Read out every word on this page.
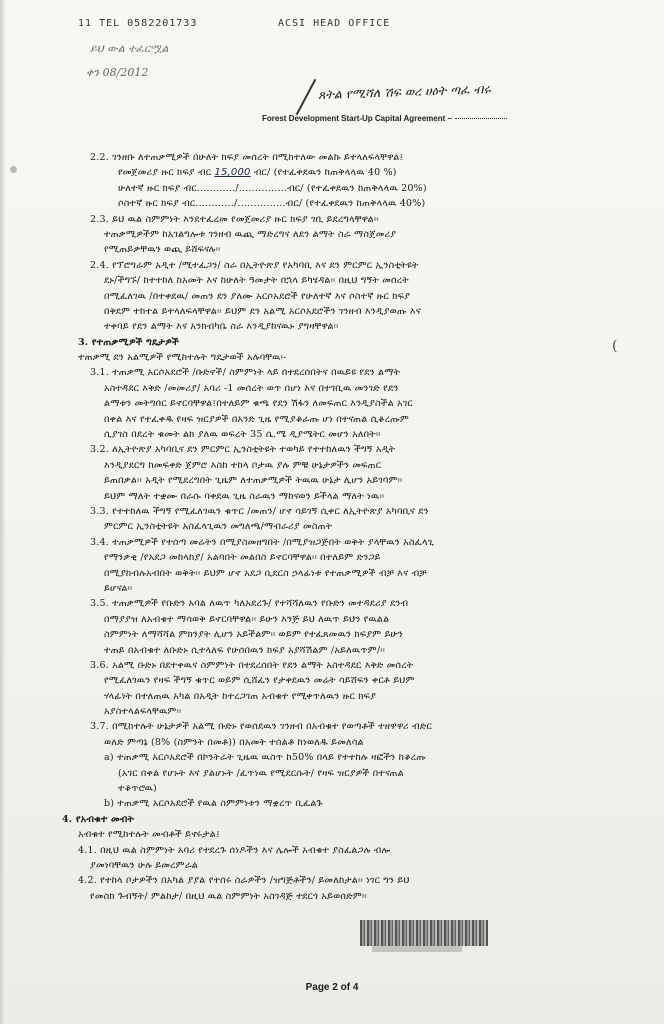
11 TEL 0582201733	ACSI HEAD OFFICE
ይህ ውል ተፈርሟል
ቀን 08/2012
ጸትል የሚሻለ ሽፍ ወረ ሀዕት ጣፈ ብሩ
Forest Development Start-Up Capital Agreement –
2.2. ገንዘቡ ለተጠቃሚዎች በሁለት ክፍያ መሰረት በሚከተለው መልኩ ይተላለፍላቸዋል፤
የመጀመሪያ ዙር ክፍያ ብር 15,000 ብር/ (የተፈቀደዉን ከጠቅላላዉ 40 %)
ሁለተኛ ዙር ክፍያ ብር............/...............ብር/ (የተፈቀደዉን ከጠቅላላዉ 20%)
ሶስተኛ ዙር ክፍያ ብር............/...............ብር/ (የተፈቀደዉን ከጠቅላላዉ 40%)
2.3. ይህ ዉል ስምምነት እንደተፈረመ የመጀመሪያ ዙር ክፍያ ገቢ ይደረግላቸዋል፡፡
ተጠቃሚዎችም ከአገልግሎቱ ገንዘብ ዉጪ ማድረግና ለደን ልማት ስራ ማስጀመሪያ
የሚጠይቃቸዉን ወጪ ይሸፍናሉ፡፡
2.4. የፕሮግራም አዲተ /ሚተፈጋን/ ስራ በኢትዮጵያ የአካባቢ እና ደን ምርምር ኢንስቲትዩት
ደኑ/ችግኙ/ ከተተከለ ከአመት እና ከሁለት ዓመታት በኋላ ይካሄዳል፡፡ በዚህ ግኝት መሰረት
በሚፈለገዉ /በተቀደዉ/ መጠን ደን ያለሙ አርሶአደሮች የሁለተኛ እና ሶስተኛ ዙር ክፍያ
በቅደም ተከተል ይተላለፍላቸዋል፡፡ ይህም ደን አልሚ አርሶአደሮችን ገንዘብ እንዲያወጡ እና
ተቀባይ የደን ልማት እና አንክብካቤ ስራ እንዲያከናዉኑ ያግዛቸዋል፡፡
3. የተጠቃሚዎች ግዴታዎች
ተጠቃሚ ደን አልሚዎች የሚከተሉት ግዴታወች አሉባቸዉ፡-
3.1. ተጠቃሚ አርሶአደሮች /ቡድኖች/ ስምምነት ላይ በተደረሰበትና በዉይዩ የደን ልማት
አስተዳደር እቅድ /መመሪያ/ አባሪ -1 መሰረት ወጥ በሆነ እና በተገቢዉ መንገድ የደን
ልማቱን መትግበር ይኖርባቸዋል፤በተለይም ቁጫ የደን ሽፋን ለመፍጠር እንዲያስችል አገር
በቀል እና የተፈቀዱ የዛፍ ዝርያዎች በአንድ ጊዜ የሚያቆራጡ ሆነ በተናጠል ሲቆረጡም
ሲያገስ በደረት ቁመት ልክ ያለዉ ወፍረት 35 ሴ.ሜ ዲያሜትር መሆን አለበት፡፡
3.2. ለኢትዮጵያ አካባቢና ደን ምርምር ኢንስቲትዩት ተወካይ የተተከለዉን ችግኝ አዲት
እንዲያደርግ ከመፍቀድ ጀምሮ እስከ ተከላ ቦታዉ ያሉ ምቹ ሁኔታዎችን መፍጠር
ይጠበቃል፡፡ አዲት የሚደረግበት ጊዜም ለተጠቃሚዎች ትዉዉ ሁኔታ ሊሆን አይገባም፡፡
ይህም ማለት ተቋሙ በራሱ ባቀደዉ ጊዜ ስራዉን ማከናወን ይችላል ማለት ነዉ፡፡
3.3. የተተከለዉ ችግኝ የሚፈለገዉን ቁጥር /መጠን/ ሆኖ ሳይገኝ ሲቀር ለኢትዮጵያ አካባቢና ደን
ምርምር ኢንስቲትዩት አስፈላጊዉን መግለጫ/ማብራሪያ መስጠት
3.4. ተጠቃሚዎች የተሰጣ መሬትን በሚያስመዘግበት /በሚያዝጋጅበት ወቅት ያላቸዉን አስፈላጊ
የማንቃቂ /የአደጋ መከላከያ/ አልባበት መልበስ ይኖርባቸዋል፡፡ በተለይም ድንጋይ
በሚያከብሉአብበት ወቅት፡፡ ይህም ሆኖ አደጋ ቢደርስ ኃላፊነቱ የተጠቃሚዎች ብቻ እና ብቻ
ይሆናል፡፡
3.5. ተጠቃሚዎች የቡድን አባል ለዉጥ ካለአደረጉ/ የተሻሻለዉን የቡድን መተዳደሪያ ደንብ
በማያያዝ ለአብቁተ ማሳወቅ ይኖርባቸዋል፡፡ ይሁን እንጅ ይህ ለዉጥ ይህን የዉልል
ስምምነት ለማሻሻል ምክንያት ሊሆን አይችልም፡፡ ወይም የተፈጸመዉን ክፍያም ይሁን
ተጠይ በአብቁተ ለቡድኑ ሲተላለፍ የሁሰበዉን ክፍያ አያሻሽልም /አይለዉጥም/፡፡
3.6. አልሚ ቡድኑ በደተቀዉና ስምምነት በተደረሰበት የደን ልማት አስተዳደር እቅድ መሰረት
የሚፈለገዉን የዛፍ ችግኝ ቁጥር ወይም ሲሸፈን የታቀደዉን መሬት ሳይሸፍን ቀርቶ ይህም
ሃላፊነት በተለጠዉ አካል በአዲት ከተረጋገጠ አብቁተ የሚቀጥለዉን ዙር ክፍያ
አያስተላልፍላቸዉም፡፡
3.7. በሚከተሉት ሁኔታዎች አልሚ ቡድኑ የወሰደዉን ገንዘብ በአብቁተ የወጣቶች ተዘዋዋሪ ብድር
ወለድ ምጣኔ (8% (ስምንት በመቶ)) በአመት ተሰልቶ ከነወለዱ ይመለሳል
a) ተጠቃሚ አርሶአደሮች በኮንትራት ጊዜዉ ዉስጥ ከ50% በላይ የተተከሉ ዛፎችን ከቆረጡ
(አገር በቀል የሆኑት እና ያልሆኑት /ፈጥነዉ የሚደርሱት/ የዛፍ ዝርያዎች በተናጠል
ተቆጥሮዉ)
b) ተጠቃሚ አርሶአደሮች የዉል ስምምነቱን ማቋረጥ ቢፈልጉ
4. የአብቁተ መብት
አብቁተ የሚከተሉት መብቶች ይኖሩታል፤
4.1. በዚህ ዉል ስምምነት አባሪ የተደረጉ ሰነዶችን እና ሌሎች አብቁተ ያስፈልጋሉ ብሎ
ያመነባቸዉን ሁሉ ይመረምራል
4.2. የተከላ ቦታዎችን በአካል ያያል የተሰሩ ስራዎችን /ዝግጅቶችን/ ይመለከታል፡፡ ነገር ግን ይህ
የመስክ ጉብኝት/ ምልከታ/ በዚህ ዉል ስምምነት አስገዳጅ ተደርጎ አይወሰድም፡፡
(
Page 2 of 4
